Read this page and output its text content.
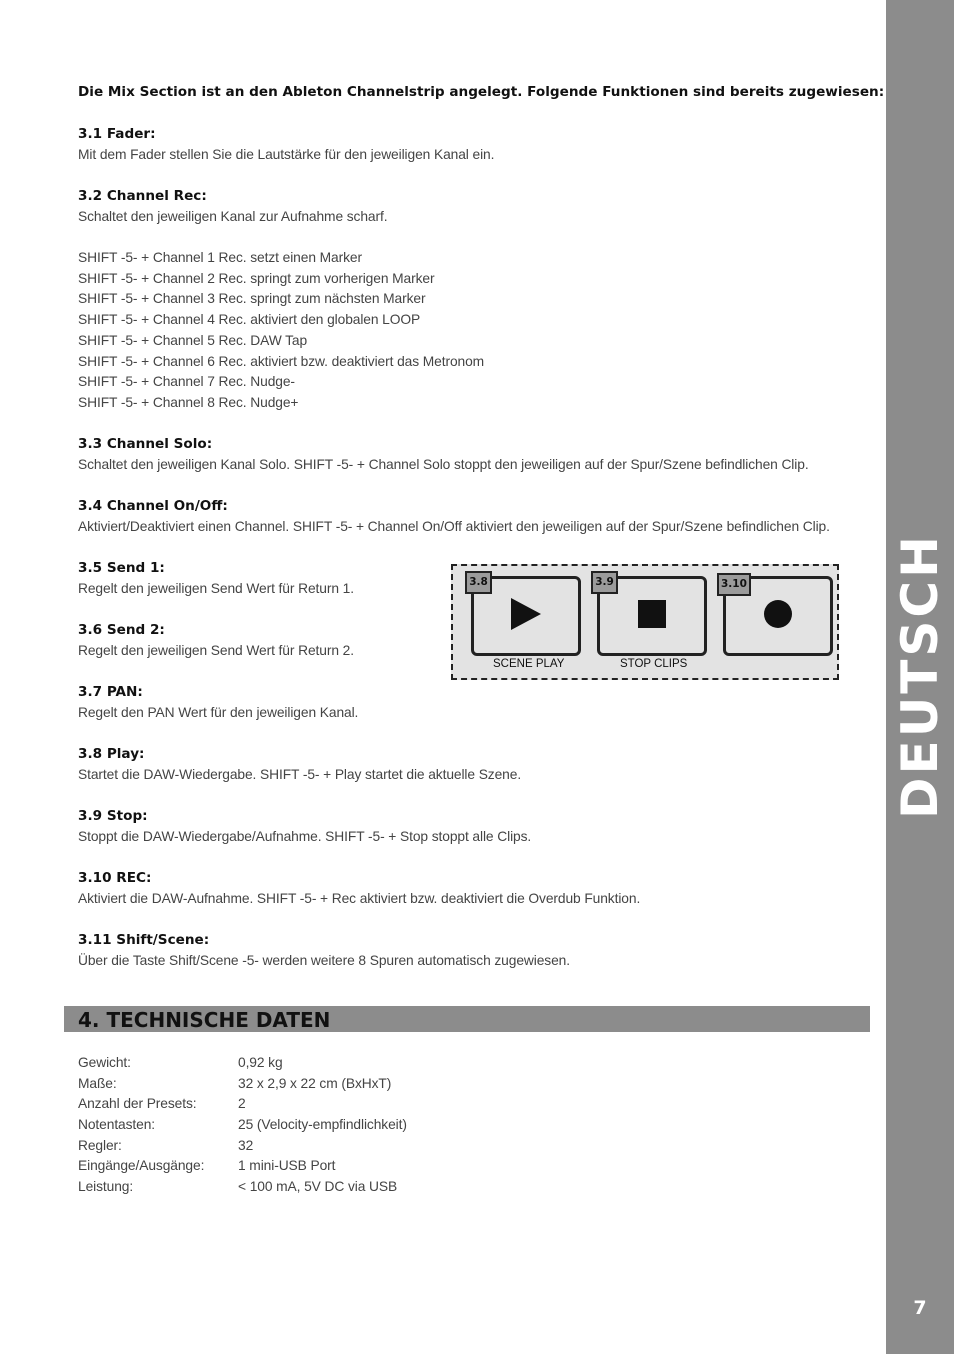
Die Mix Section ist an den Ableton Channelstrip angelegt. Folgende Funktionen sind bereits zugewiesen:
3.1 Fader:

Mit dem Fader stellen Sie die Lautstärke für den jeweiligen Kanal ein.

3.2 Channel Rec:

Schaltet den jeweiligen Kanal zur Aufnahme scharf.

SHIFT -5- + Channel 1 Rec. setzt einen Marker
SHIFT -5- + Channel 2 Rec. springt zum vorherigen Marker
SHIFT -5- + Channel 3 Rec. springt zum nächsten Marker
SHIFT -5- + Channel 4 Rec. aktiviert den globalen LOOP
SHIFT -5- + Channel 5 Rec. DAW Tap
SHIFT -5- + Channel 6 Rec. aktiviert bzw. deaktiviert das Metronom
SHIFT -5- + Channel 7 Rec. Nudge-
SHIFT -5- + Channel 8 Rec. Nudge+
3.3 Channel Solo:

Schaltet den jeweiligen Kanal Solo. SHIFT -5- + Channel Solo stoppt den jeweiligen auf der Spur/Szene befindlichen Clip.

3.4 Channel On/Off:

Aktiviert/Deaktiviert einen Channel. SHIFT -5- + Channel On/Off aktiviert den jeweiligen auf der Spur/Szene befindlichen Clip.

3.5 Send 1:

Regelt den jeweiligen Send Wert für Return 1.

3.6 Send 2:

Regelt den jeweiligen Send Wert für Return 2.

3.7 PAN:

Regelt den PAN Wert für den jeweiligen Kanal.

3.8 Play:

Startet die DAW-Wiedergabe. SHIFT -5- + Play startet die aktuelle Szene.

3.9 Stop:

Stoppt die DAW-Wiedergabe/Aufnahme. SHIFT -5- + Stop stoppt alle Clips.

3.10 REC:

Aktiviert die DAW-Aufnahme. SHIFT -5- + Rec aktiviert bzw. deaktiviert die Overdub Funktion.

3.11 Shift/Scene:

Über die Taste Shift/Scene -5- werden weitere 8 Spuren automatisch zugewiesen.

3.8
SCENE PLAY
3.9
STOP CLIPS
3.10
4. TECHNISCHE DATEN
Gewicht:	0,92 kg
Maße:	32 x 2,9 x 22 cm (BxHxT)
Anzahl der Presets:	2
Notentasten:	25 (Velocity-empfindlichkeit)
Regler:	32
Eingänge/Ausgänge: 1 mini-USB Port
Leistung:	< 100 mA, 5V DC via USB
DEUTSCH
7
